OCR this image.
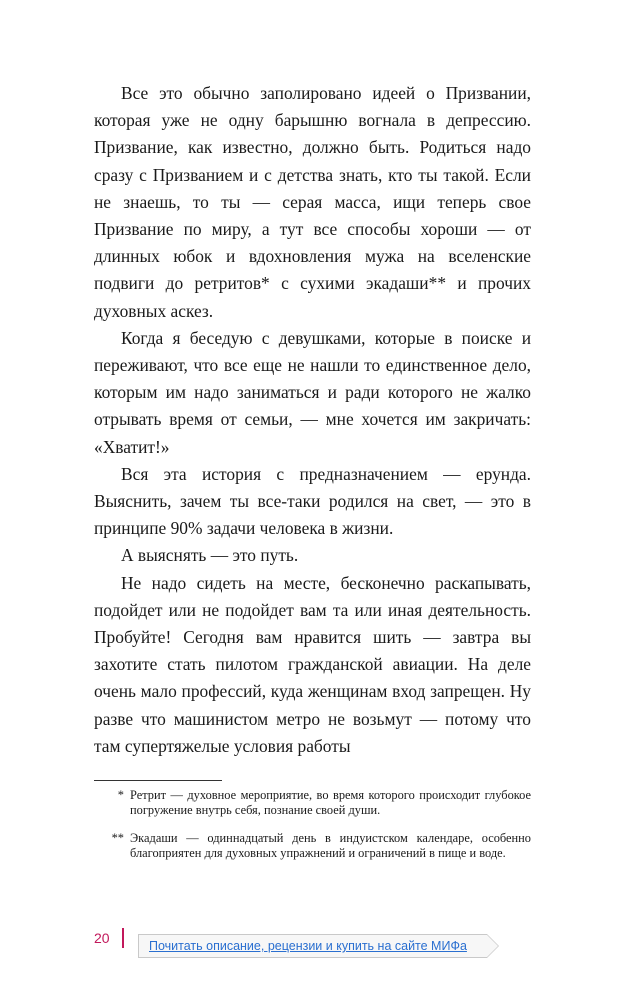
Все это обычно заполировано идеей о Призвании, которая уже не одну барышню вогнала в депрессию. Призвание, как известно, должно быть. Родиться надо сразу с Призванием и с детства знать, кто ты такой. Если не знаешь, то ты — серая масса, ищи теперь свое Призвание по миру, а тут все способы хороши — от длинных юбок и вдохновления мужа на вселенские подвиги до ретритов* с сухими экадаши** и прочих духовных аскез.

Когда я беседую с девушками, которые в поиске и переживают, что все еще не нашли то единственное дело, которым им надо заниматься и ради которого не жалко отрывать время от семьи, — мне хочется им закричать: «Хватит!»

Вся эта история с предназначением — ерунда. Выяснить, зачем ты все-таки родился на свет, — это в принципе 90% задачи человека в жизни.

А выяснять — это путь.

Не надо сидеть на месте, бесконечно раскапывать, подойдет или не подойдет вам та или иная деятельность. Пробуйте! Сегодня вам нравится шить — завтра вы захотите стать пилотом гражданской авиации. На деле очень мало профессий, куда женщинам вход запрещен. Ну разве что машинистом метро не возьмут — потому что там супертяжелые условия работы

* Ретрит — духовное мероприятие, во время которого происходит глубокое погружение внутрь себя, познание своей души.
** Экадаши — одиннадцатый день в индуистском календаре, особенно благоприятен для духовных упражнений и ограничений в пище и воде.
20	Почитать описание, рецензии и купить на сайте МИФа
